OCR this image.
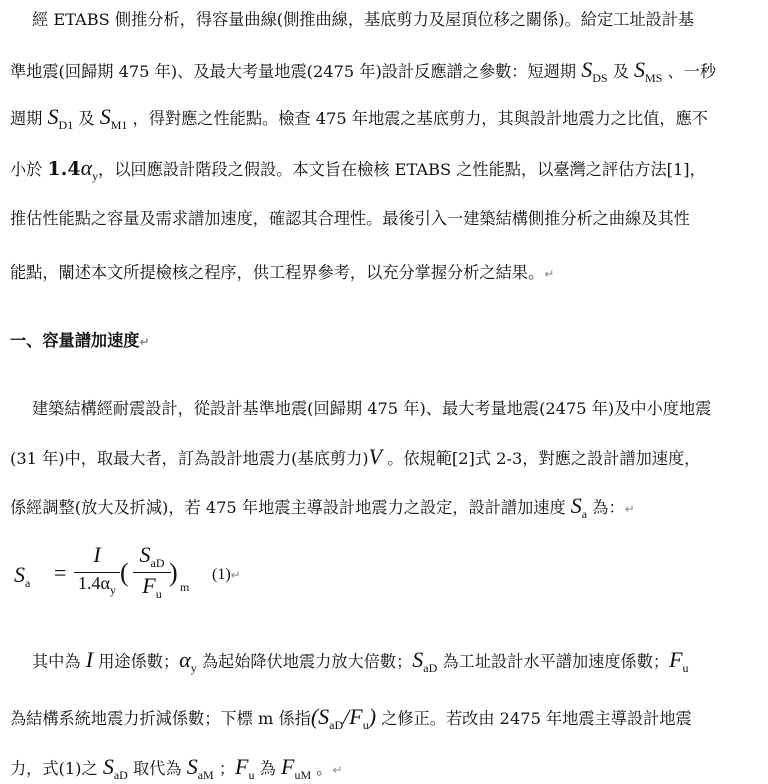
經 ETABS 側推分析，得容量曲線(側推曲線，基底剪力及屋頂位移之關係)。給定工址設計基
準地震(回歸期 475 年)、及最大考量地震(2475 年)設計反應譜之參數：短週期 $S_{DS}$ 及 $S_{MS}$ 、一秒
週期 $S_{D1}$ 及 $S_{M1}$ ，得對應之性能點。檢查 475 年地震之基底剪力，其與設計地震力之比值，應不
小於 $1.4\alpha_y$，以回應設計階段之假設。本文旨在檢核 ETABS 之性能點，以臺灣之評估方法[1]，
推估性能點之容量及需求譜加速度，確認其合理性。最後引入一建築結構側推分析之曲線及其性
能點，闡述本文所提檢核之程序，供工程界參考，以充分掌握分析之結果。↵
一、容量譜加速度↵
建築結構經耐震設計，從設計基準地震(回歸期 475 年)、最大考量地震(2475 年)及中小度地震
(31 年)中，取最大者，訂為設計地震力(基底剪力)V 。依規範[2]式 2-3，對應之設計譜加速度，
係經調整(放大及折減)，若 475 年地震主導設計地震力之設定，設計譜加速度 $S_a$ 為：↵
$S_a$ =
I
$1.4\alpha_y$
(
$S_{aD}$
$F_u$
) m
(1)↵
其中為 I 用途係數；$\alpha_y$ 為起始降伏地震力放大倍數；$S_{aD}$ 為工址設計水平譜加速度係數；$F_u$
為結構系統地震力折減係數；下標 m 係指$(S_{aD}/F_u)$ 之修正。若改由 2475 年地震主導設計地震
力，式(1)之 $S_{aD}$ 取代為 $S_{aM}$ ；$F_u$ 為 $F_{uM}$ 。↵
